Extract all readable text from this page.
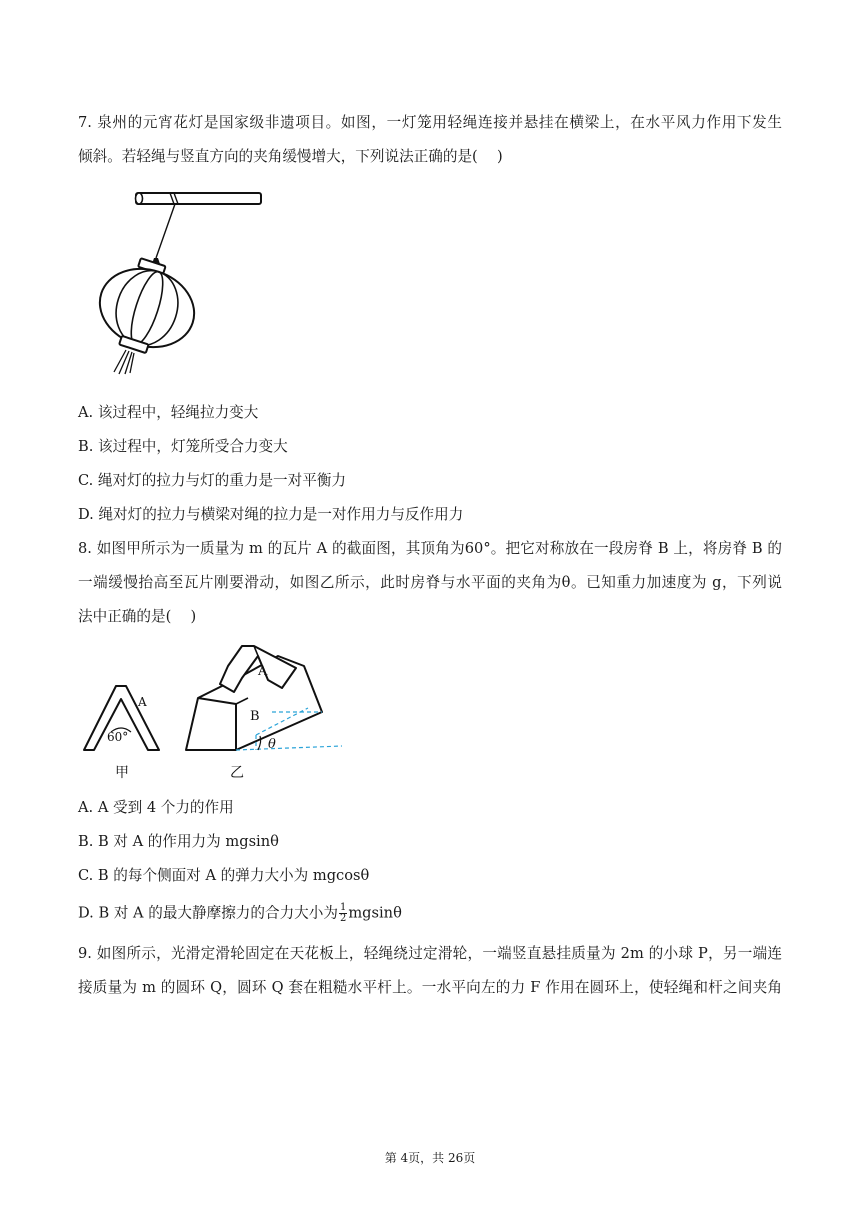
7. 泉州的元宵花灯是国家级非遗项目。如图，一灯笼用轻绳连接并悬挂在横梁上，在水平风力作用下发生
倾斜。若轻绳与竖直方向的夹角缓慢增大，下列说法正确的是(　 )
A. 该过程中，轻绳拉力变大
B. 该过程中，灯笼所受合力变大
C. 绳对灯的拉力与灯的重力是一对平衡力
D. 绳对灯的拉力与横梁对绳的拉力是一对作用力与反作用力
8. 如图甲所示为一质量为 m 的瓦片 A 的截面图，其顶角为60°。把它对称放在一段房脊 B 上，将房脊 B 的
一端缓慢抬高至瓦片刚要滑动，如图乙所示，此时房脊与水平面的夹角为θ。已知重力加速度为 g，下列说
法中正确的是(　 )
A
60°
甲
A
B
θ
乙
A. A 受到 4 个力的作用
B. B 对 A 的作用力为 mgsinθ
C. B 的每个侧面对 A 的弹力大小为 mgcosθ
D. B 对 A 的最大静摩擦力的合力大小为 $\frac{1}{2}$ mgsinθ
9. 如图所示，光滑定滑轮固定在天花板上，轻绳绕过定滑轮，一端竖直悬挂质量为 2m 的小球 P，另一端连
接质量为 m 的圆环 Q，圆环 Q 套在粗糙水平杆上。一水平向左的力 F 作用在圆环上，使轻绳和杆之间夹角
第 4页，共 26页
